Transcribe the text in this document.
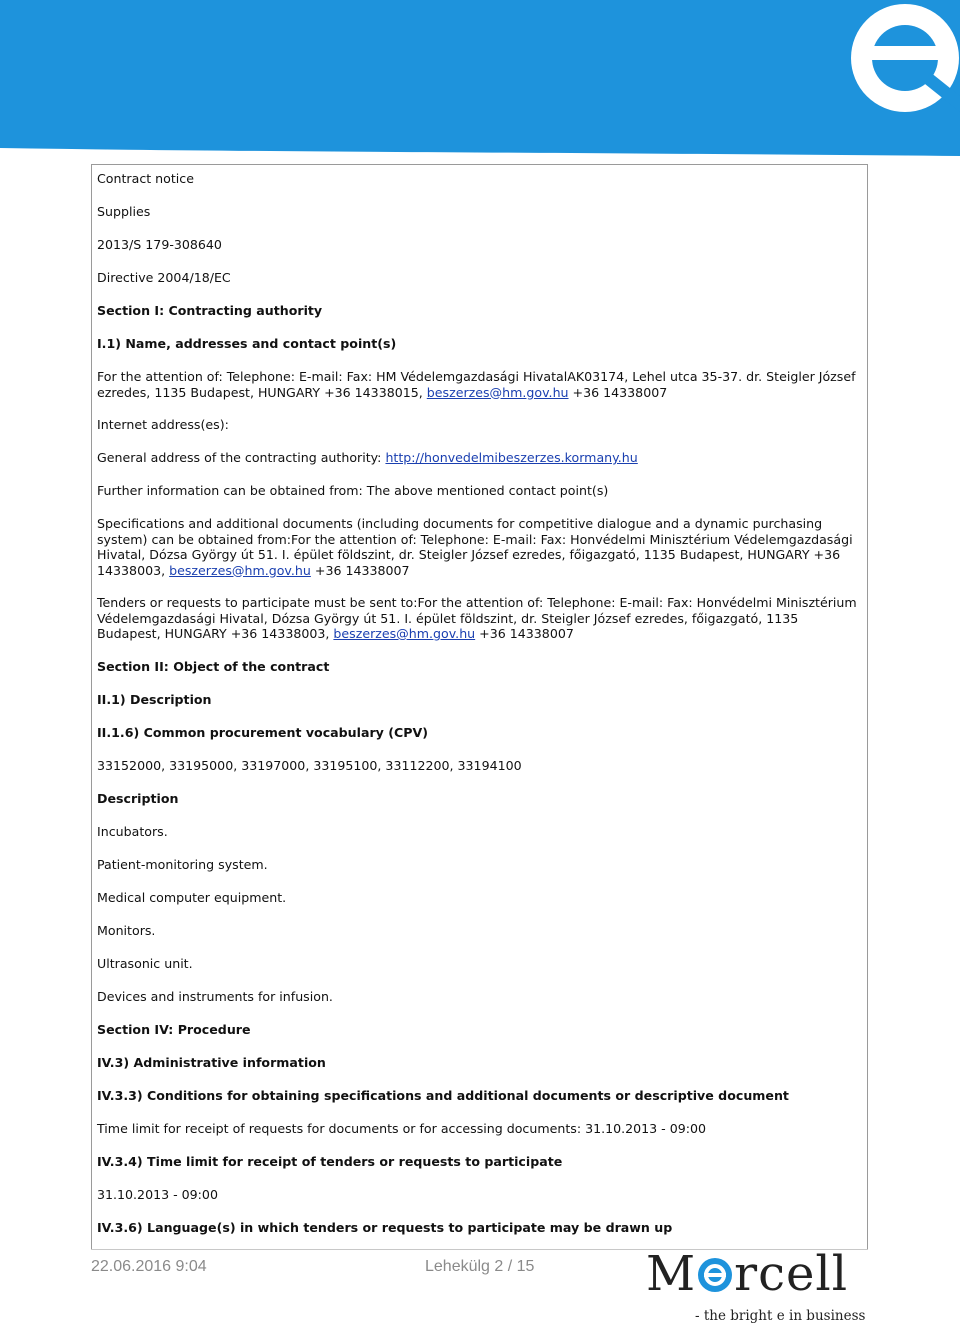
Contract notice
Supplies
2013/S 179-308640
Directive 2004/18/EC
Section I: Contracting authority
I.1) Name, addresses and contact point(s)
For the attention of: Telephone: E-mail: Fax: HM Védelemgazdasági HivatalAK03174, Lehel utca 35-37. dr. Steigler József ezredes, 1135 Budapest, HUNGARY +36 14338015, beszerzes@hm.gov.hu +36 14338007
Internet address(es):
General address of the contracting authority: http://honvedelmibeszerzes.kormany.hu
Further information can be obtained from: The above mentioned contact point(s)
Specifications and additional documents (including documents for competitive dialogue and a dynamic purchasing system) can be obtained from:For the attention of: Telephone: E-mail: Fax: Honvédelmi Minisztérium Védelemgazdasági Hivatal, Dózsa György út 51. I. épület földszint, dr. Steigler József ezredes, főigazgató, 1135 Budapest, HUNGARY +36 14338003, beszerzes@hm.gov.hu +36 14338007
Tenders or requests to participate must be sent to:For the attention of: Telephone: E-mail: Fax: Honvédelmi Minisztérium Védelemgazdasági Hivatal, Dózsa György út 51. I. épület földszint, dr. Steigler József ezredes, főigazgató, 1135 Budapest, HUNGARY +36 14338003, beszerzes@hm.gov.hu +36 14338007
Section II: Object of the contract
II.1) Description
II.1.6) Common procurement vocabulary (CPV)
33152000, 33195000, 33197000, 33195100, 33112200, 33194100
Description
Incubators.
Patient-monitoring system.
Medical computer equipment.
Monitors.
Ultrasonic unit.
Devices and instruments for infusion.
Section IV: Procedure
IV.3) Administrative information
IV.3.3) Conditions for obtaining specifications and additional documents or descriptive document
Time limit for receipt of requests for documents or for accessing documents: 31.10.2013 - 09:00
IV.3.4) Time limit for receipt of tenders or requests to participate
31.10.2013 - 09:00
IV.3.6) Language(s) in which tenders or requests to participate may be drawn up
22.06.2016 9:04	Lehekülg 2 / 15 M rcell
- the bright e in business
